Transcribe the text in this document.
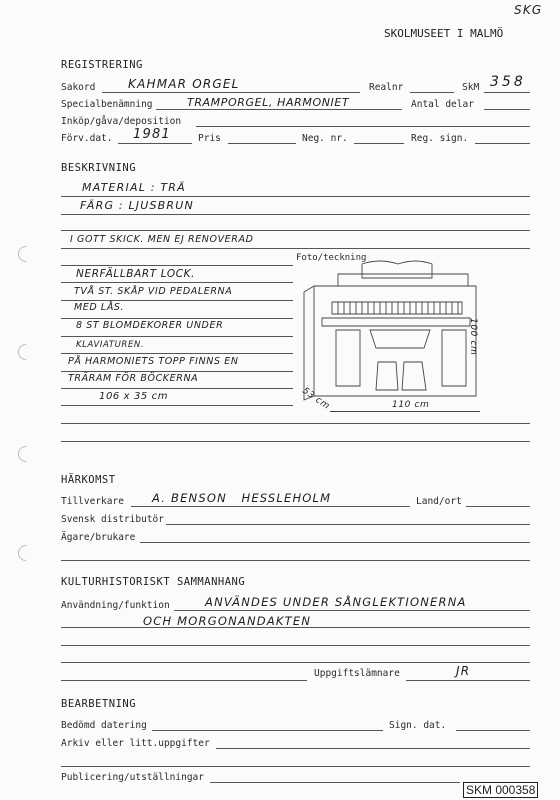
SKG
SKOLMUSEET I MALMÖ
REGISTRERING
Sakord	KAHMAR ORGEL	Realnr	SkM 358
Specialbenämning	TRAMPORGEL, HARMONIET	Antal delar
Inköp/gåva/deposition
Förv.dat. 1981	Pris	Neg. nr.	Reg. sign.
BESKRIVNING
MATERIAL : TRÄ
FÄRG : LJUSBRUN
I GOTT SKICK. MEN EJ RENOVERAD
Foto/teckning
NERFÄLLBART LOCK.
TVÅ ST. SKÅP VID PEDALERNA
MED LÅS.
8 ST BLOMDEKORER UNDER
KLAVIATUREN.
PÅ HARMONIETS TOPP FINNS EN
TRÄRAM FÖR BÖCKERNA
106 x 35 cm
100 cm
53 cm	110 cm
HÄRKOMST
Tillverkare A. BENSON   HESSLEHOLM	Land/ort
Svensk distributör
Ägare/brukare
KULTURHISTORISKT SAMMANHANG
Användning/funktion	ANVÄNDES UNDER SÅNGLEKTIONERNA
OCH MORGONANDAKTEN
Uppgiftslämnare	JR
BEARBETNING
Bedömd datering	Sign. dat.
Arkiv eller litt.uppgifter
Publicering/utställningar
SKM 000358
